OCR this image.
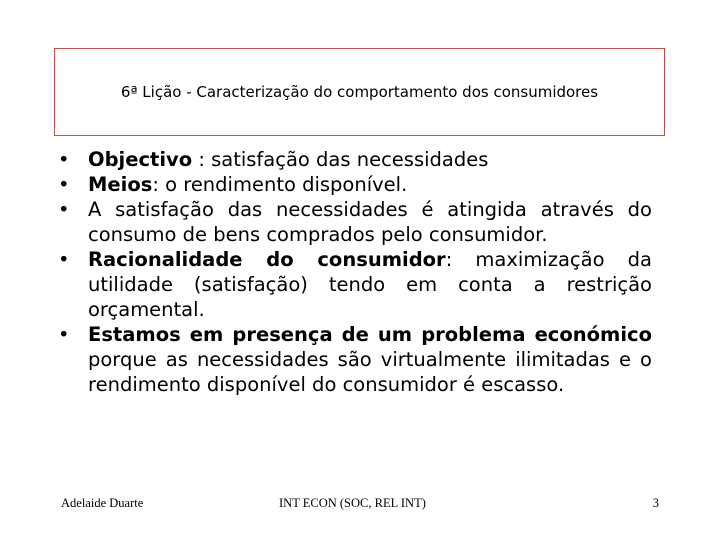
6ª Lição - Caracterização do comportamento dos consumidores
• Objectivo : satisfação das necessidades
• Meios: o rendimento disponível.
• A satisfação das necessidades é atingida através do consumo de bens comprados pelo consumidor.
• Racionalidade do consumidor: maximização da utilidade (satisfação) tendo em conta a restrição orçamental.
• Estamos em presença de um problema económico porque as necessidades são virtualmente ilimitadas e o rendimento disponível do consumidor é escasso.
Adelaide Duarte	INT ECON (SOC, REL INT)	3
